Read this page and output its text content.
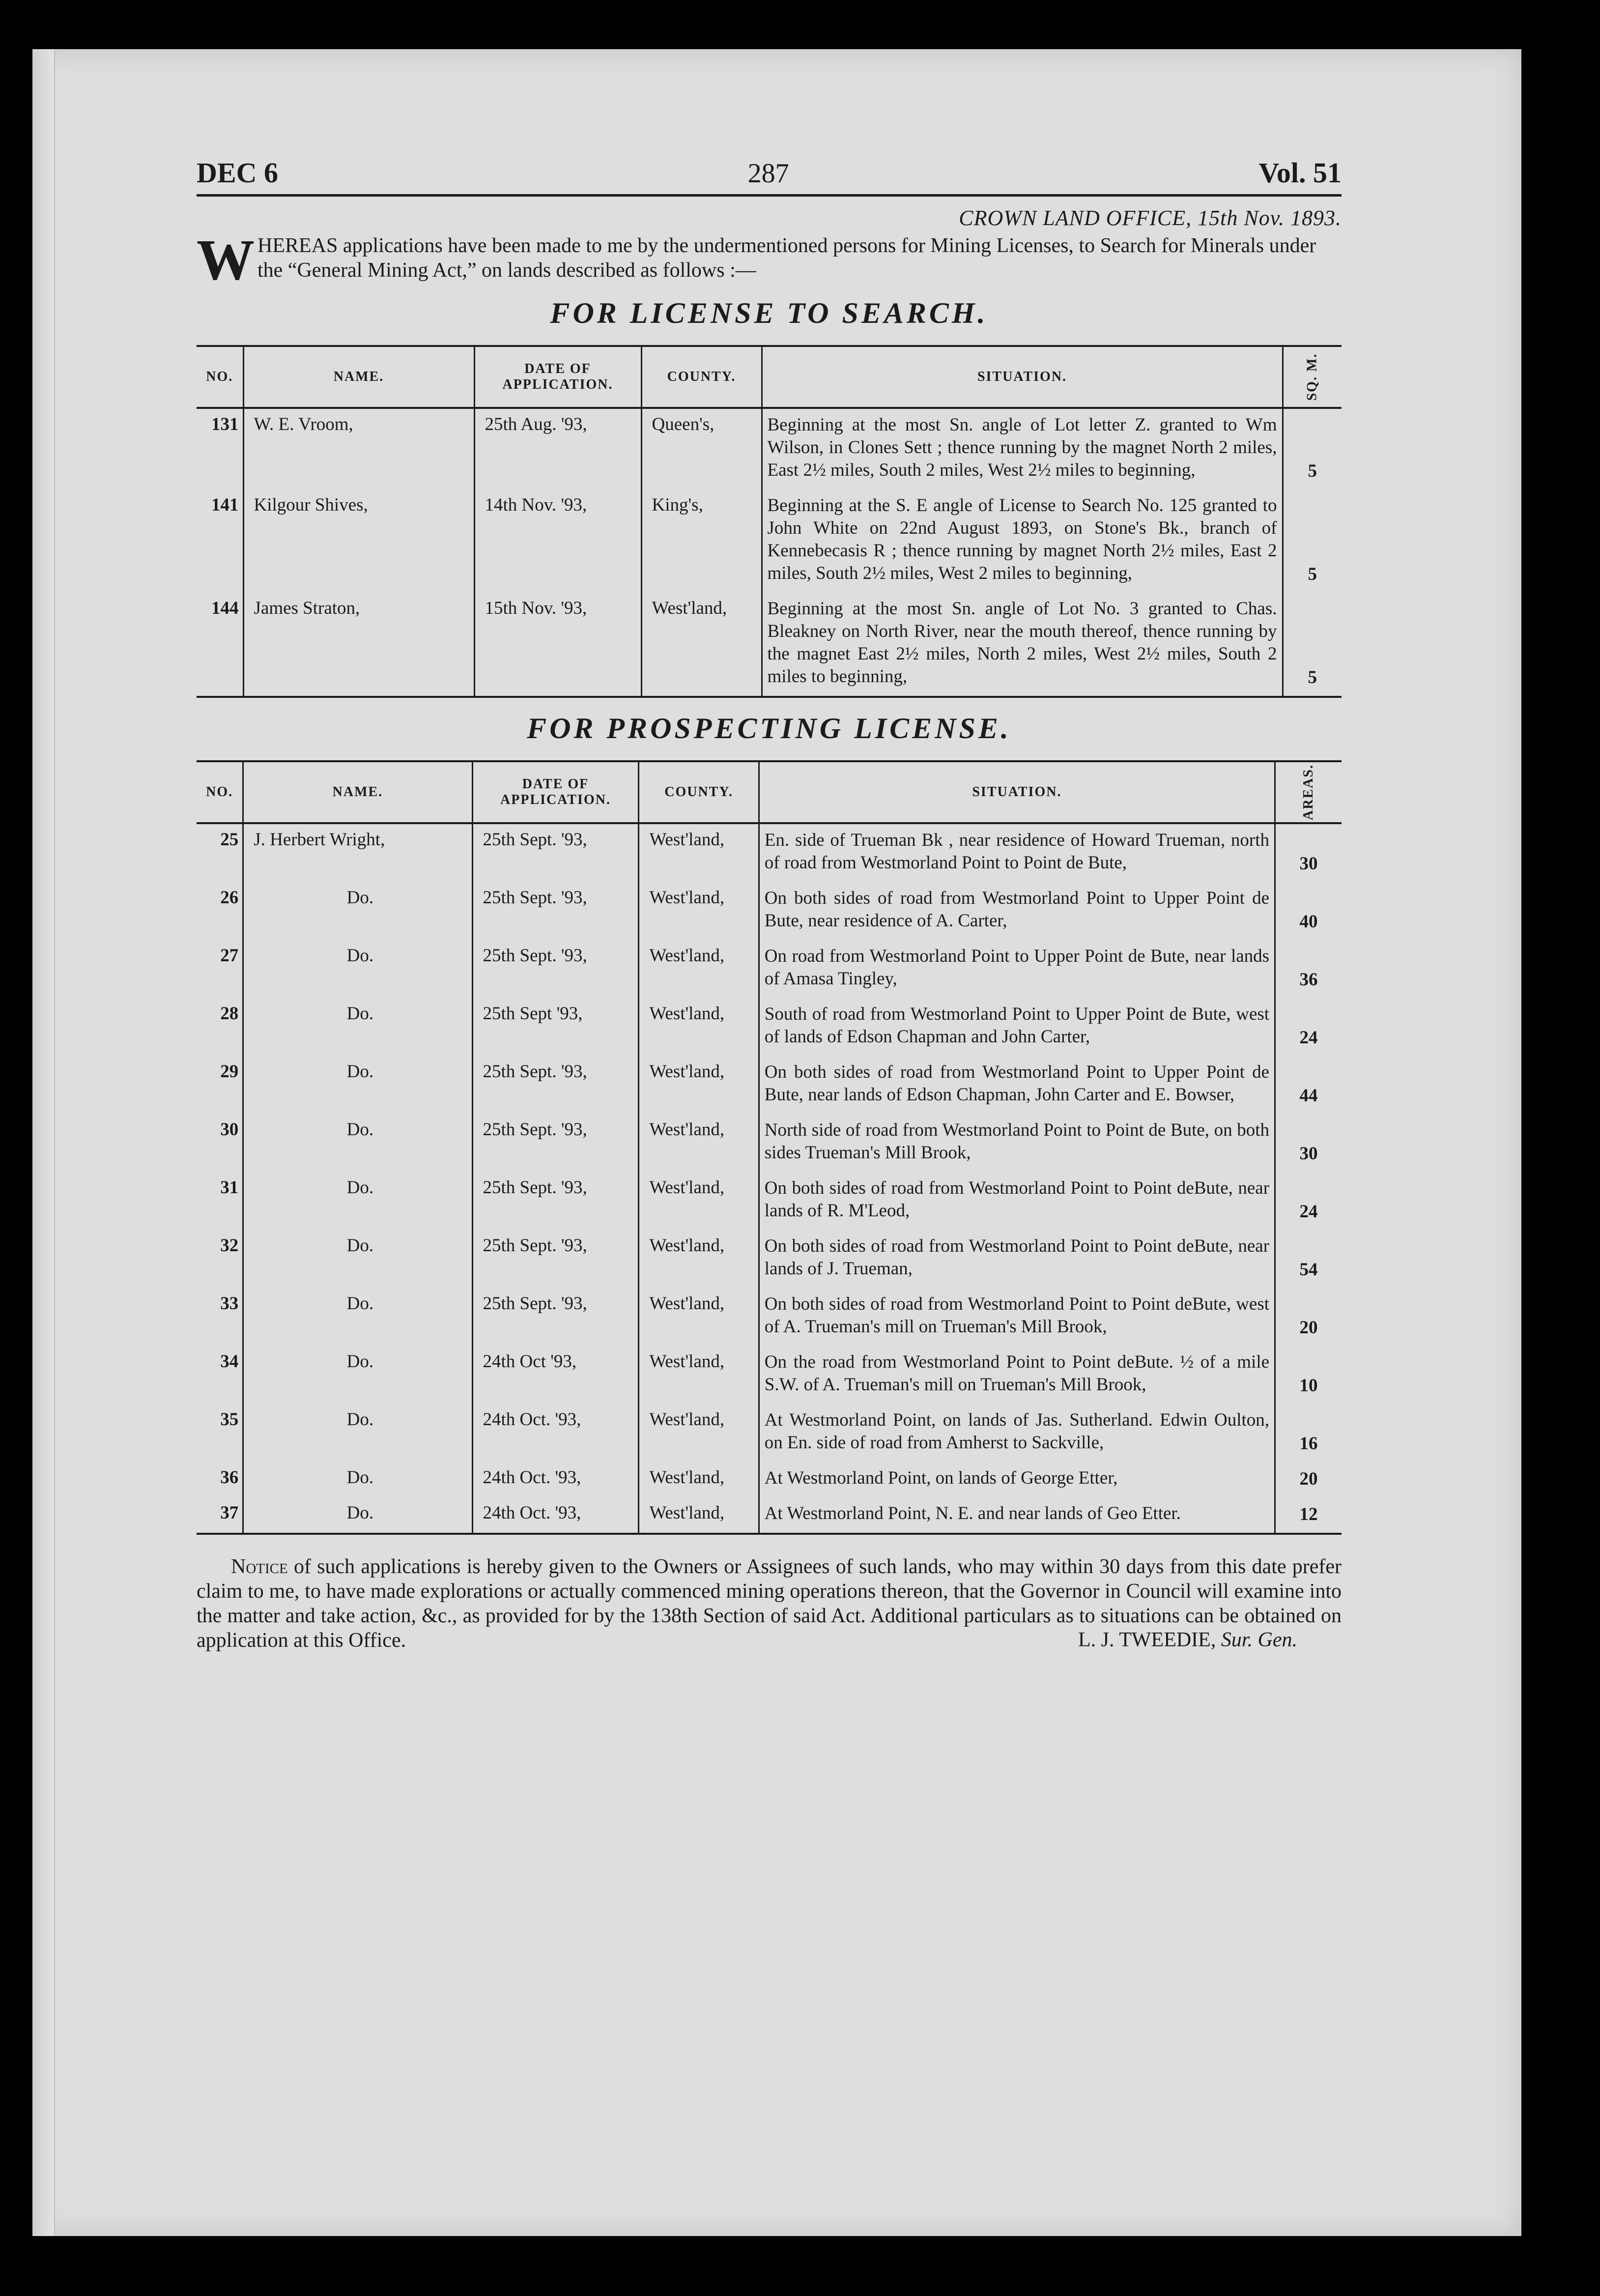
DEC 6	287	Vol. 51
CROWN LAND OFFICE, 15th Nov. 1893.
W HEREAS applications have been made to me by the undermentioned persons for Mining Licenses, to Search for Minerals under the “General Mining Act,” on lands described as follows :—
FOR LICENSE TO SEARCH.
NO.	NAME.	DATE OF APPLICATION.	COUNTY.	SITUATION.	SQ. M.
131	W. E. Vroom,	25th Aug. '93,	Queen's,	Beginning at the most Sn. angle of Lot letter Z. granted to Wm Wilson, in Clones Sett ; thence running by the magnet North 2 miles, East 2½ miles, South 2 miles, West 2½ miles to beginning,	5
141	Kilgour Shives,	14th Nov. '93,	King's,	Beginning at the S. E angle of License to Search No. 125 granted to John White on 22nd August 1893, on Stone's Bk., branch of Kennebecasis R ; thence running by magnet North 2½ miles, East 2 miles, South 2½ miles, West 2 miles to beginning,	5
144	James Straton,	15th Nov. '93,	West'land,	Beginning at the most Sn. angle of Lot No. 3 granted to Chas. Bleakney on North River, near the mouth thereof, thence running by the magnet East 2½ miles, North 2 miles, West 2½ miles, South 2 miles to beginning,	5
FOR PROSPECTING LICENSE.
NO.	NAME.	DATE OF APPLICATION.	COUNTY.	SITUATION.	AREAS.
25	J. Herbert Wright,	25th Sept. '93,	West'land,	En. side of Trueman Bk , near residence of Howard Trueman, north of road from Westmorland Point to Point de Bute,	30
26	Do.	25th Sept. '93,	West'land,	On both sides of road from Westmorland Point to Upper Point de Bute, near residence of A. Carter,	40
27	Do.	25th Sept. '93,	West'land,	On road from Westmorland Point to Upper Point de Bute, near lands of Amasa Tingley,	36
28	Do.	25th Sept '93,	West'land,	South of road from Westmorland Point to Upper Point de Bute, west of lands of Edson Chapman and John Carter,	24
29	Do.	25th Sept. '93,	West'land,	On both sides of road from Westmorland Point to Upper Point de Bute, near lands of Edson Chapman, John Carter and E. Bowser,	44
30	Do.	25th Sept. '93,	West'land,	North side of road from Westmorland Point to Point de Bute, on both sides Trueman's Mill Brook,	30
31	Do.	25th Sept. '93,	West'land,	On both sides of road from Westmorland Point to Point deBute, near lands of R. M'Leod,	24
32	Do.	25th Sept. '93,	West'land,	On both sides of road from Westmorland Point to Point deBute, near lands of J. Trueman,	54
33	Do.	25th Sept. '93,	West'land,	On both sides of road from Westmorland Point to Point deBute, west of A. Trueman's mill on Trueman's Mill Brook,	20
34	Do.	24th Oct '93,	West'land,	On the road from Westmorland Point to Point deBute. ½ of a mile S.W. of A. Trueman's mill on Trueman's Mill Brook,	10
35	Do.	24th Oct. '93,	West'land,	At Westmorland Point, on lands of Jas. Sutherland. Edwin Oulton, on En. side of road from Amherst to Sackville,	16
36	Do.	24th Oct. '93,	West'land,	At Westmorland Point, on lands of George Etter,	20
37	Do.	24th Oct. '93,	West'land,	At Westmorland Point, N. E. and near lands of Geo Etter.	12
Notice of such applications is hereby given to the Owners or Assignees of such lands, who may within 30 days from this date prefer claim to me, to have made explorations or actually commenced mining operations thereon, that the Governor in Council will examine into the matter and take action, &c., as provided for by the 138th Section of said Act. Additional particulars as to situations can be obtained on application at this Office.	L. J. TWEEDIE, Sur. Gen.
